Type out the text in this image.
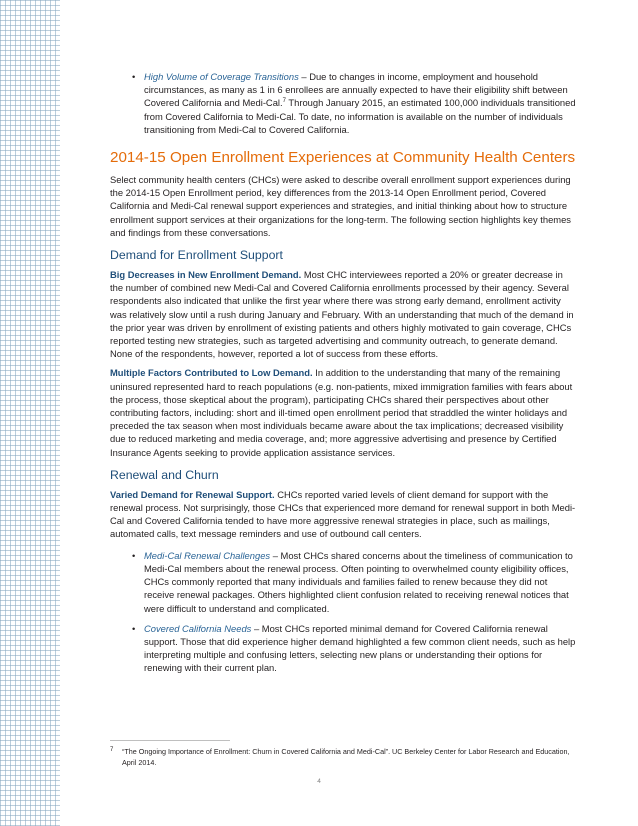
• High Volume of Coverage Transitions – Due to changes in income, employment and household circumstances, as many as 1 in 6 enrollees are annually expected to have their eligibility shift between Covered California and Medi-Cal.$^7$ Through January 2015, an estimated 100,000 individuals transitioned from Covered California to Medi-Cal. To date, no information is available on the number of individuals transitioning from Medi-Cal to Covered California.

2014-15 Open Enrollment Experiences at Community Health Centers

Select community health centers (CHCs) were asked to describe overall enrollment support experiences during the 2014-15 Open Enrollment period, key differences from the 2013-14 Open Enrollment period, Covered California and Medi-Cal renewal support experiences and strategies, and initial thinking about how to structure enrollment support services at their organizations for the long-term. The following section highlights key themes and findings from these conversations.

Demand for Enrollment Support

Big Decreases in New Enrollment Demand. Most CHC interviewees reported a 20% or greater decrease in the number of combined new Medi-Cal and Covered California enrollments processed by their agency. Several respondents also indicated that unlike the first year where there was strong early demand, enrollment activity was relatively slow until a rush during January and February. With an understanding that much of the demand in the prior year was driven by enrollment of existing patients and others highly motivated to gain coverage, CHCs reported testing new strategies, such as targeted advertising and community outreach, to generate demand. None of the respondents, however, reported a lot of success from these efforts.

Multiple Factors Contributed to Low Demand. In addition to the understanding that many of the remaining uninsured represented hard to reach populations (e.g. non-patients, mixed immigration families with fears about the process, those skeptical about the program), participating CHCs shared their perspectives about other contributing factors, including: short and ill-timed open enrollment period that straddled the winter holidays and preceded the tax season when most individuals became aware about the tax implications; decreased visibility due to reduced marketing and media coverage, and; more aggressive advertising and presence by Certified Insurance Agents seeking to provide application assistance services.

Renewal and Churn

Varied Demand for Renewal Support. CHCs reported varied levels of client demand for support with the renewal process. Not surprisingly, those CHCs that experienced more demand for renewal support in both Medi-Cal and Covered California tended to have more aggressive renewal strategies in place, such as mailings, automated calls, text message reminders and use of outbound call centers.

• Medi-Cal Renewal Challenges – Most CHCs shared concerns about the timeliness of communication to Medi-Cal members about the renewal process. Often pointing to overwhelmed county eligibility offices, CHCs commonly reported that many individuals and families failed to renew because they did not receive renewal packages. Others highlighted client confusion related to receiving renewal notices that were difficult to understand and complicated.

• Covered California Needs – Most CHCs reported minimal demand for Covered California renewal support. Those that did experience higher demand highlighted a few common client needs, such as help interpreting multiple and confusing letters, selecting new plans or understanding their options for renewing with their current plan.

7	“The Ongoing Importance of Enrollment: Churn in Covered California and Medi-Cal”. UC Berkeley Center for Labor Research and Education, April 2014.
4
